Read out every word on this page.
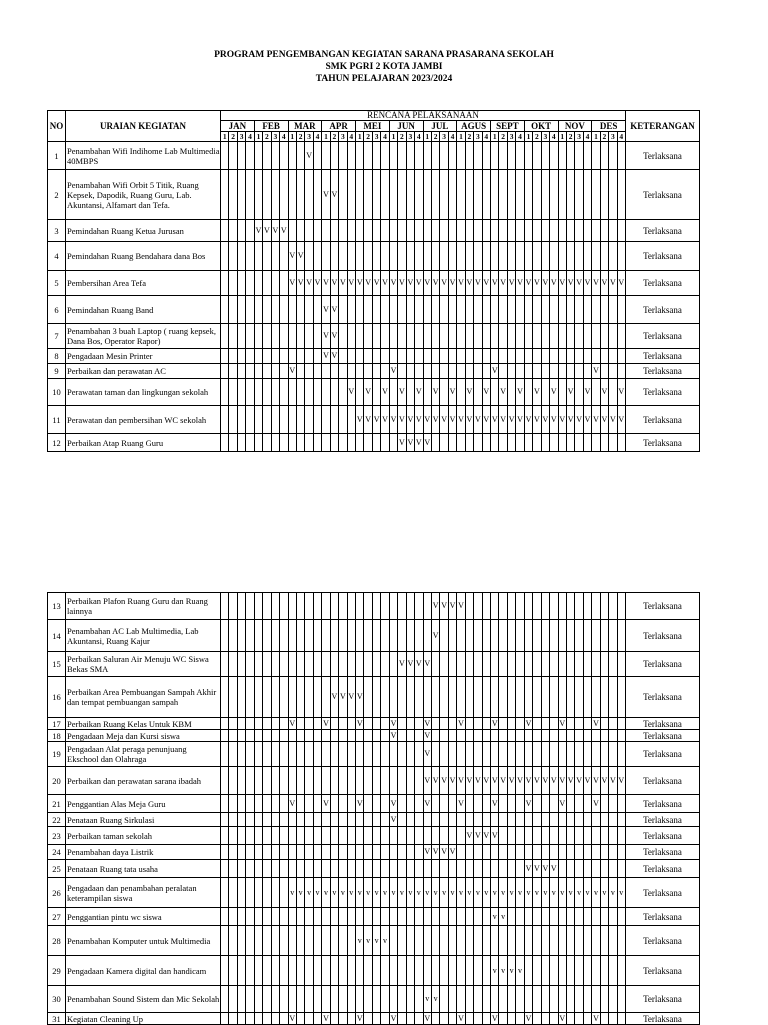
PROGRAM PENGEMBANGAN KEGIATAN SARANA PRASARANA SEKOLAH
SMK PGRI 2 KOTA JAMBI
TAHUN PELAJARAN 2023/2024
NO	URAIAN KEGIATAN	RENCANA PELAKSANAAN																																																KETERANGAN
		JAN				FEB				MAR				APR				MEI				JUN				JUL				AGUS				SEPT				OKT				NOV				DES				
		1	2	3	4	1	2	3	4	1	2	3	4	1	2	3	4	1	2	3	4	1	2	3	4	1	2	3	4	1	2	3	4	1	2	3	4	1	2	3	4	1	2	3	4	1	2	3	4	
1	Penambahan Wifi Indihome Lab Multimedia 40MBPS											V																																						Terlaksana
2	Penambahan Wifi Orbit 5 Titik, Ruang Kepsek, Dapodik, Ruang Guru, Lab. Akuntansi, Alfamart dan Tefa.													V	V																																			Terlaksana
3	Pemindahan Ruang Ketua Jurusan					V	V	V	V																																									Terlaksana
4	Pemindahan Ruang Bendahara dana Bos									V	V																																							Terlaksana
5	Pembersihan Area Tefa									V	V	V	V	V	V	V	V	V	V	V	V	V	V	V	V	V	V	V	V	V	V	V	V	V	V	V	V	V	V	V	V	V	V	V	V	V	V	V	V	Terlaksana
6	Pemindahan Ruang Band													V	V																																			Terlaksana
7	Penambahan 3 buah Laptop ( ruang kepsek, Dana Bos, Operator Rapor)													V	V																																			Terlaksana
8	Pengadaan Mesin Printer													V	V																																			Terlaksana
9	Perbaikan dan perawatan AC									V												V												V												V				Terlaksana
10	Perawatan taman dan lingkungan sekolah																V		V		V		V		V		V		V		V		V		V		V		V		V		V		V		V		V	Terlaksana
11	Perawatan dan pembersihan WC sekolah																	V	V	V	V	V	V	V	V	V	V	V	V	V	V	V	V	V	V	V	V	V	V	V	V	V	V	V	V	V	V	V	V	Terlaksana
12	Perbaikan Atap Ruang Guru																						V	V	V	V																								Terlaksana
13	Perbaikan Plafon Ruang Guru dan Ruang lainnya																										V	V	V	V																				Terlaksana
14	Penambahan AC Lab Multimedia, Lab Akuntansi, Ruang Kajur																										V																							Terlaksana
15	Perbaikan Saluran Air Menuju WC Siswa Bekas SMA																						V	V	V	V																								Terlaksana
16	Perbaikan Area Pembuangan Sampah Akhir dan tempat pembuangan sampah														V	V	V	V																																Terlaksana
17	Perbaikan Ruang Kelas Untuk KBM									V				V				V				V				V				V				V				V				V				V				Terlaksana
18	Pengadaan Meja dan Kursi siswa																					V				V																								Terlaksana
19	Pengadaan Alat peraga penunjuang Ekschool dan Olahraga																									V																								Terlaksana
20	Perbaikan dan perawatan sarana ibadah																									V	V	V	V	V	V	V	V	V	V	V	V	V	V	V	V	V	V	V	V	V	V	V	V	Terlaksana
21	Penggantian Alas Meja Guru									V				V				V				V				V				V				V				V				V				V				Terlaksana
22	Penataan Ruang Sirkulasi																					V																												Terlaksana
23	Perbaikan taman sekolah																														V	V	V	V																Terlaksana
24	Penambahan daya Listrik																									V	V	V	V																					Terlaksana
25	Penataan Ruang tata usaha																																					V	V	V	V									Terlaksana
26	Pengadaan dan penambahan peralatan keterampilan siswa									v	v	v	v	v	v	v	v	v	v	v	v	v	v	v	v	v	v	v	v	v	v	v	v	v	v	v	v	v	v	v	v	v	v	v	v	v	v	v	v	Terlaksana
27	Penggantian pintu wc siswa																																	v	v															Terlaksana
28	Penambahan Komputer untuk Multimedia																	v	v	v	v																													Terlaksana
29	Pengadaan Kamera digital dan handicam																																	v	v	v	v													Terlaksana
30	Penambahan Sound Sistem dan Mic Sekolah																									v	v																							Terlaksana
31	Kegiatan Cleaning Up									V				V				V				V				V				V				V				V				V				V				Terlaksana
